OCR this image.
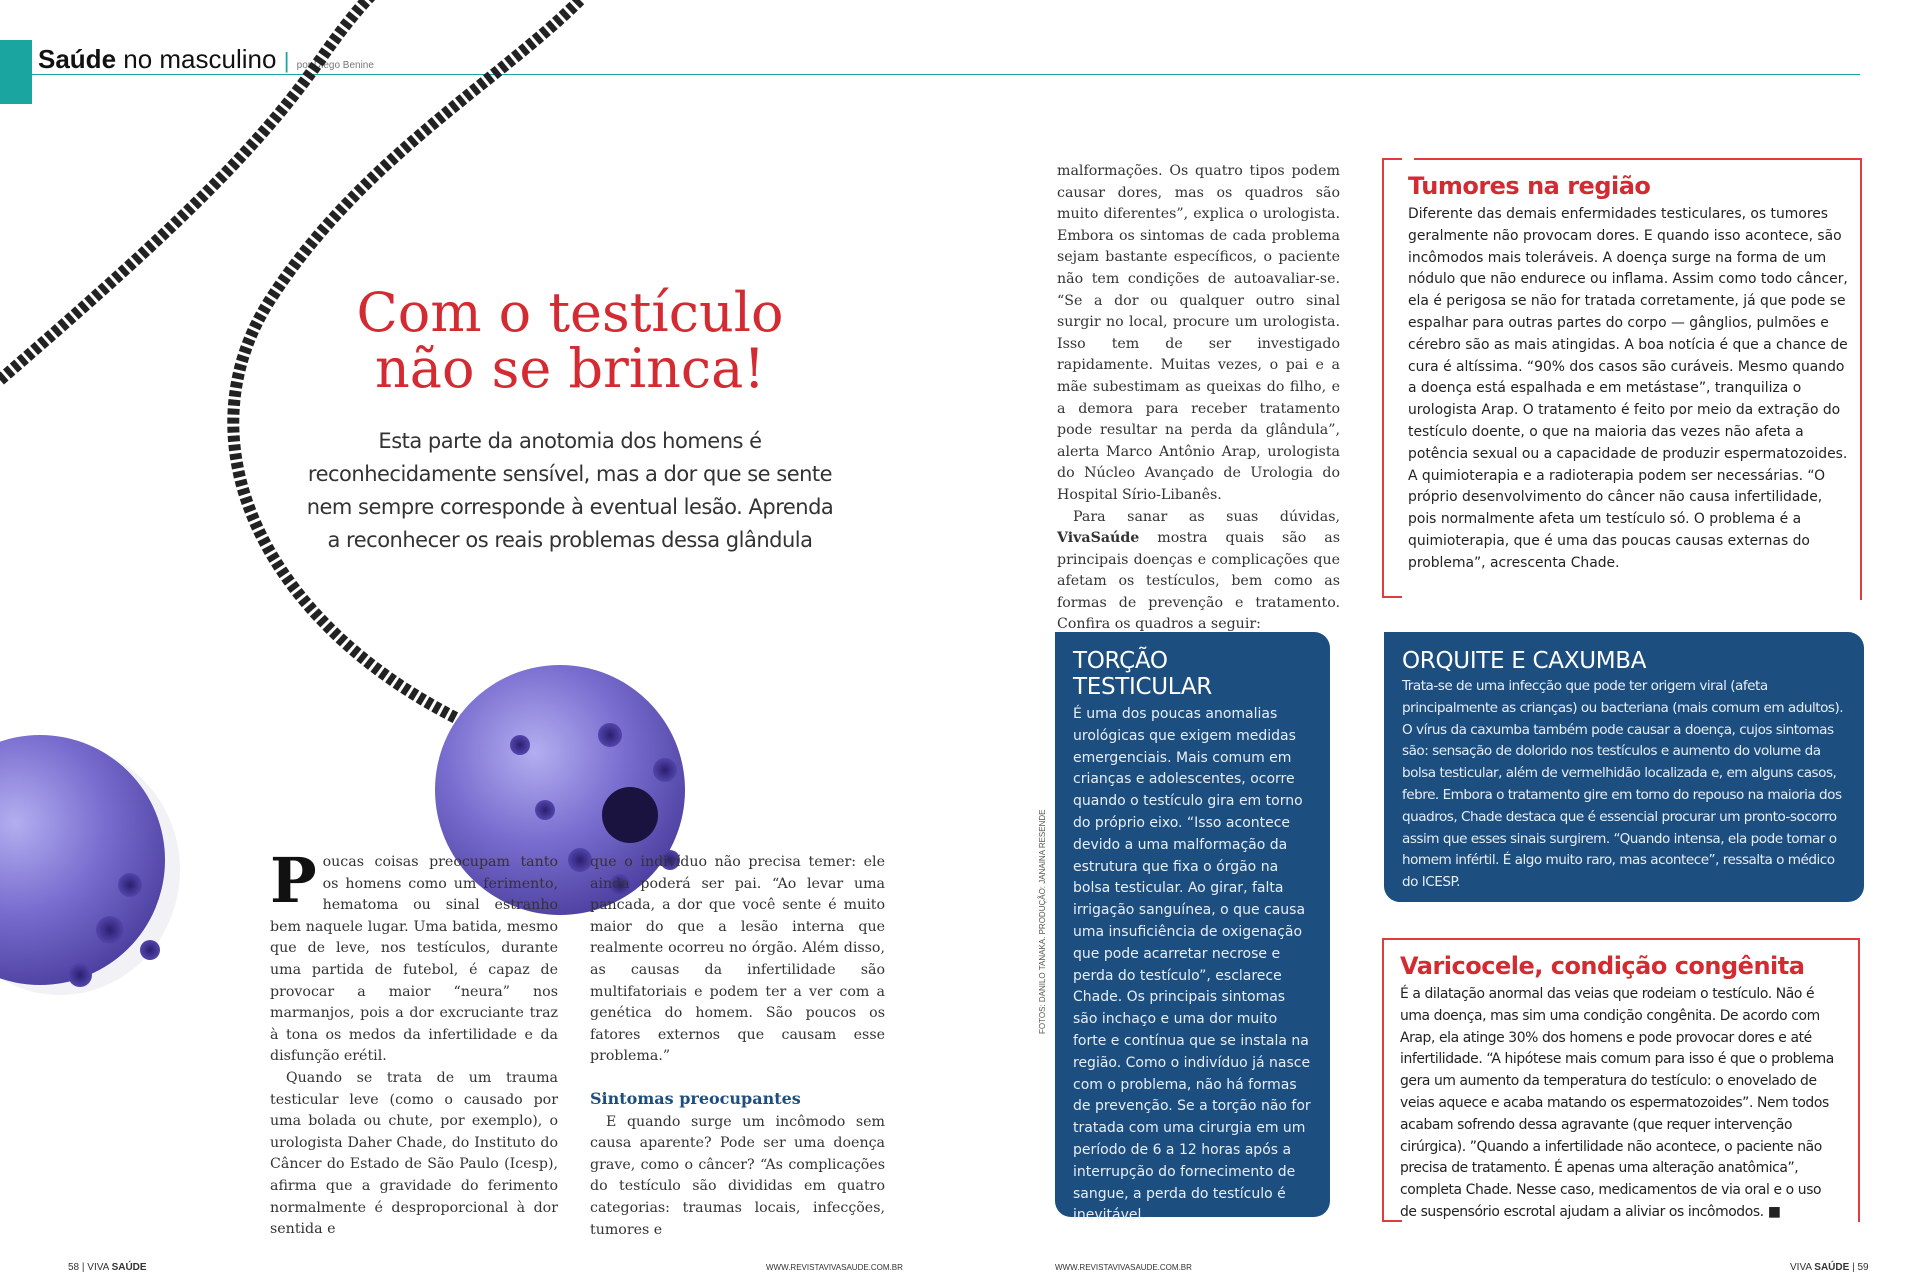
Saúde no masculino | por Diego Benine
Com o testículo
não se brinca!
Esta parte da anotomia dos homens é reconhecidamente sensível, mas a dor que se sente nem sempre corresponde à eventual lesão. Aprenda a reconhecer os reais problemas dessa glândula

Poucas coisas preocupam tanto os homens como um ferimento, hematoma ou sinal estranho bem naquele lugar. Uma batida, mesmo que de leve, nos testículos, durante uma partida de futebol, é capaz de provocar a maior “neura” nos marmanjos, pois a dor excruciante traz à tona os medos da infertilidade e da disfunção erétil.

Quando se trata de um trauma testicular leve (como o causado por uma bolada ou chute, por exemplo), o urologista Daher Chade, do Instituto do Câncer do Estado de São Paulo (Icesp), afirma que a gravidade do ferimento normalmente é desproporcional à dor sentida e

que o indivíduo não precisa temer: ele ainda poderá ser pai. “Ao levar uma pancada, a dor que você sente é muito maior do que a lesão interna que realmente ocorreu no órgão. Além disso, as causas da infertilidade são multifatoriais e podem ter a ver com a genética do homem. São poucos os fatores externos que causam esse problema.”

Sintomas preocupantes

E quando surge um incômodo sem causa aparente? Pode ser uma doença grave, como o câncer? “As complicações do testículo são divididas em quatro categorias: traumas locais, infecções, tumores e

malformações. Os quatro tipos podem causar dores, mas os quadros são muito diferentes”, explica o urologista. Embora os sintomas de cada problema sejam bastante específicos, o paciente não tem condições de autoavaliar-se. “Se a dor ou qualquer outro sinal surgir no local, procure um urologista. Isso tem de ser investigado rapidamente. Muitas vezes, o pai e a mãe subestimam as queixas do filho, e a demora para receber tratamento pode resultar na perda da glândula”, alerta Marco Antônio Arap, urologista do Núcleo Avançado de Urologia do Hospital Sírio-Libanês.

Para sanar as suas dúvidas, VivaSaúde mostra quais são as principais doenças e complicações que afetam os testículos, bem como as formas de prevenção e tratamento. Confira os quadros a seguir:

Tumores na região
Diferente das demais enfermidades testiculares, os tumores geralmente não provocam dores. E quando isso acontece, são incômodos mais toleráveis. A doença surge na forma de um nódulo que não endurece ou inflama. Assim como todo câncer, ela é perigosa se não for tratada corretamente, já que pode se espalhar para outras partes do corpo — gânglios, pulmões e cérebro são as mais atingidas. A boa notícia é que a chance de cura é altíssima. “90% dos casos são curáveis. Mesmo quando a doença está espalhada e em metástase”, tranquiliza o urologista Arap. O tratamento é feito por meio da extração do testículo doente, o que na maioria das vezes não afeta a potência sexual ou a capacidade de produzir espermatozoides. A quimioterapia e a radioterapia podem ser necessárias. “O próprio desenvolvimento do câncer não causa infertilidade, pois normalmente afeta um testículo só. O problema é a quimioterapia, que é uma das poucas causas externas do problema”, acrescenta Chade.
TORÇÃO TESTICULAR
É uma dos poucas anomalias urológicas que exigem medidas emergenciais. Mais comum em crianças e adolescentes, ocorre quando o testículo gira em torno do próprio eixo. “Isso acontece devido a uma malformação da estrutura que fixa o órgão na bolsa testicular. Ao girar, falta irrigação sanguínea, o que causa uma insuficiência de oxigenação que pode acarretar necrose e perda do testículo”, esclarece Chade. Os principais sintomas são inchaço e uma dor muito forte e contínua que se instala na região. Como o indivíduo já nasce com o problema, não há formas de prevenção. Se a torção não for tratada com uma cirurgia em um período de 6 a 12 horas após a interrupção do fornecimento de sangue, a perda do testículo é inevitável.
ORQUITE E CAXUMBA
Trata-se de uma infecção que pode ter origem viral (afeta principalmente as crianças) ou bacteriana (mais comum em adultos). O vírus da caxumba também pode causar a doença, cujos sintomas são: sensação de dolorido nos testículos e aumento do volume da bolsa testicular, além de vermelhidão localizada e, em alguns casos, febre. Embora o tratamento gire em torno do repouso na maioria dos quadros, Chade destaca que é essencial procurar um pronto-socorro assim que esses sinais surgirem. “Quando intensa, ela pode tornar o homem infértil. É algo muito raro, mas acontece”, ressalta o médico do ICESP.
Varicocele, condição congênita
É a dilatação anormal das veias que rodeiam o testículo. Não é uma doença, mas sim uma condição congênita. De acordo com Arap, ela atinge 30% dos homens e pode provocar dores e até infertilidade. “A hipótese mais comum para isso é que o problema gera um aumento da temperatura do testículo: o enovelado de veias aquece e acaba matando os espermatozoides”. Nem todos acabam sofrendo dessa agravante (que requer intervenção cirúrgica). ”Quando a infertilidade não acontece, o paciente não precisa de tratamento. É apenas uma alteração anatômica”, completa Chade. Nesse caso, medicamentos de via oral e o uso de suspensório escrotal ajudam a aliviar os incômodos. ■
FOTOS: DANILO TANAKA. PRODUÇÃO: JANAINA RESENDE
58 | VIVA SAÚDE	WWW.REVISTAVIVASAUDE.COM.BR	WWW.REVISTAVIVASAUDE.COM.BR	VIVA SAÚDE | 59
